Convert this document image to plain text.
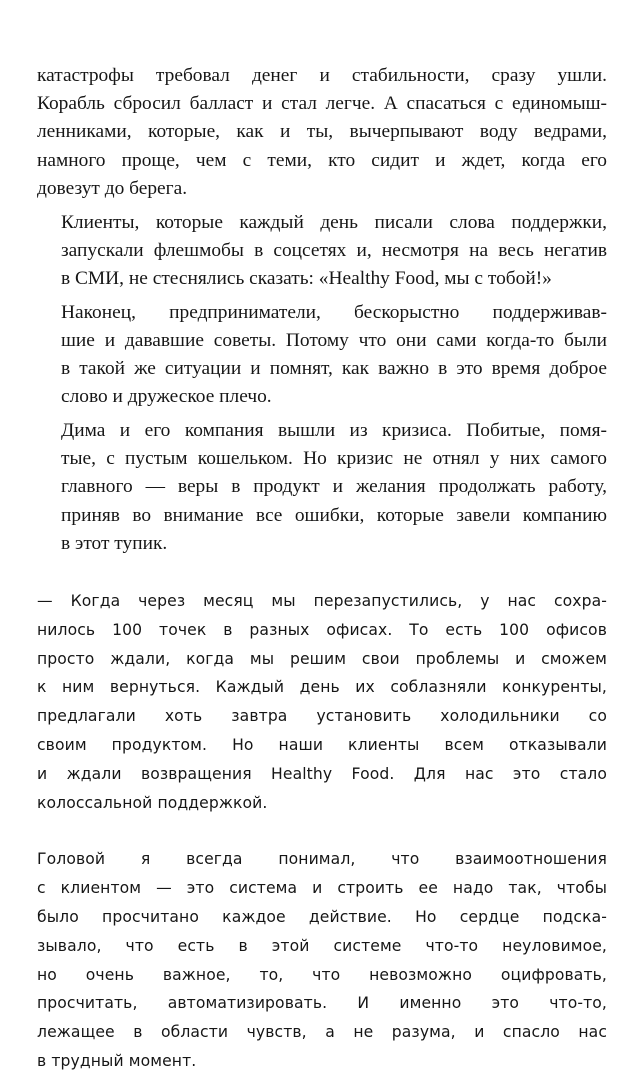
катастрофы требовал денег и стабильности, сразу ушли.
Корабль сбросил балласт и стал легче. А спасаться с единомыш-
ленниками, которые, как и ты, вычерпывают воду ведрами,
намного проще, чем с теми, кто сидит и ждет, когда его
довезут до берега.

Клиенты, которые каждый день писали слова поддержки,
запускали флешмобы в соцсетях и, несмотря на весь негатив
в СМИ, не стеснялись сказать: «Healthy Food, мы с тобой!»

Наконец, предприниматели, бескорыстно поддерживав-
шие и дававшие советы. Потому что они сами когда-то были
в такой же ситуации и помнят, как важно в это время доброе
слово и дружеское плечо.

Дима и его компания вышли из кризиса. Побитые, помя-
тые, с пустым кошельком. Но кризис не отнял у них самого
главного — веры в продукт и желания продолжать работу,
приняв во внимание все ошибки, которые завели компанию
в этот тупик.

— Когда через месяц мы перезапустились, у нас сохра-
нилось 100 точек в разных офисах. То есть 100 офисов
просто ждали, когда мы решим свои проблемы и сможем
к ним вернуться. Каждый день их соблазняли конкуренты,
предлагали хоть завтра установить холодильники со
своим продуктом. Но наши клиенты всем отказывали
и ждали возвращения Healthy Food. Для нас это стало
колоссальной поддержкой.

Головой я всегда понимал, что взаимоотношения
с клиентом — это система и строить ее надо так, чтобы
было просчитано каждое действие. Но сердце подска-
зывало, что есть в этой системе что-то неуловимое,
но очень важное, то, что невозможно оцифровать,
просчитать, автоматизировать. И именно это что-то,
лежащее в области чувств, а не разума, и спасло нас
в трудный момент.
